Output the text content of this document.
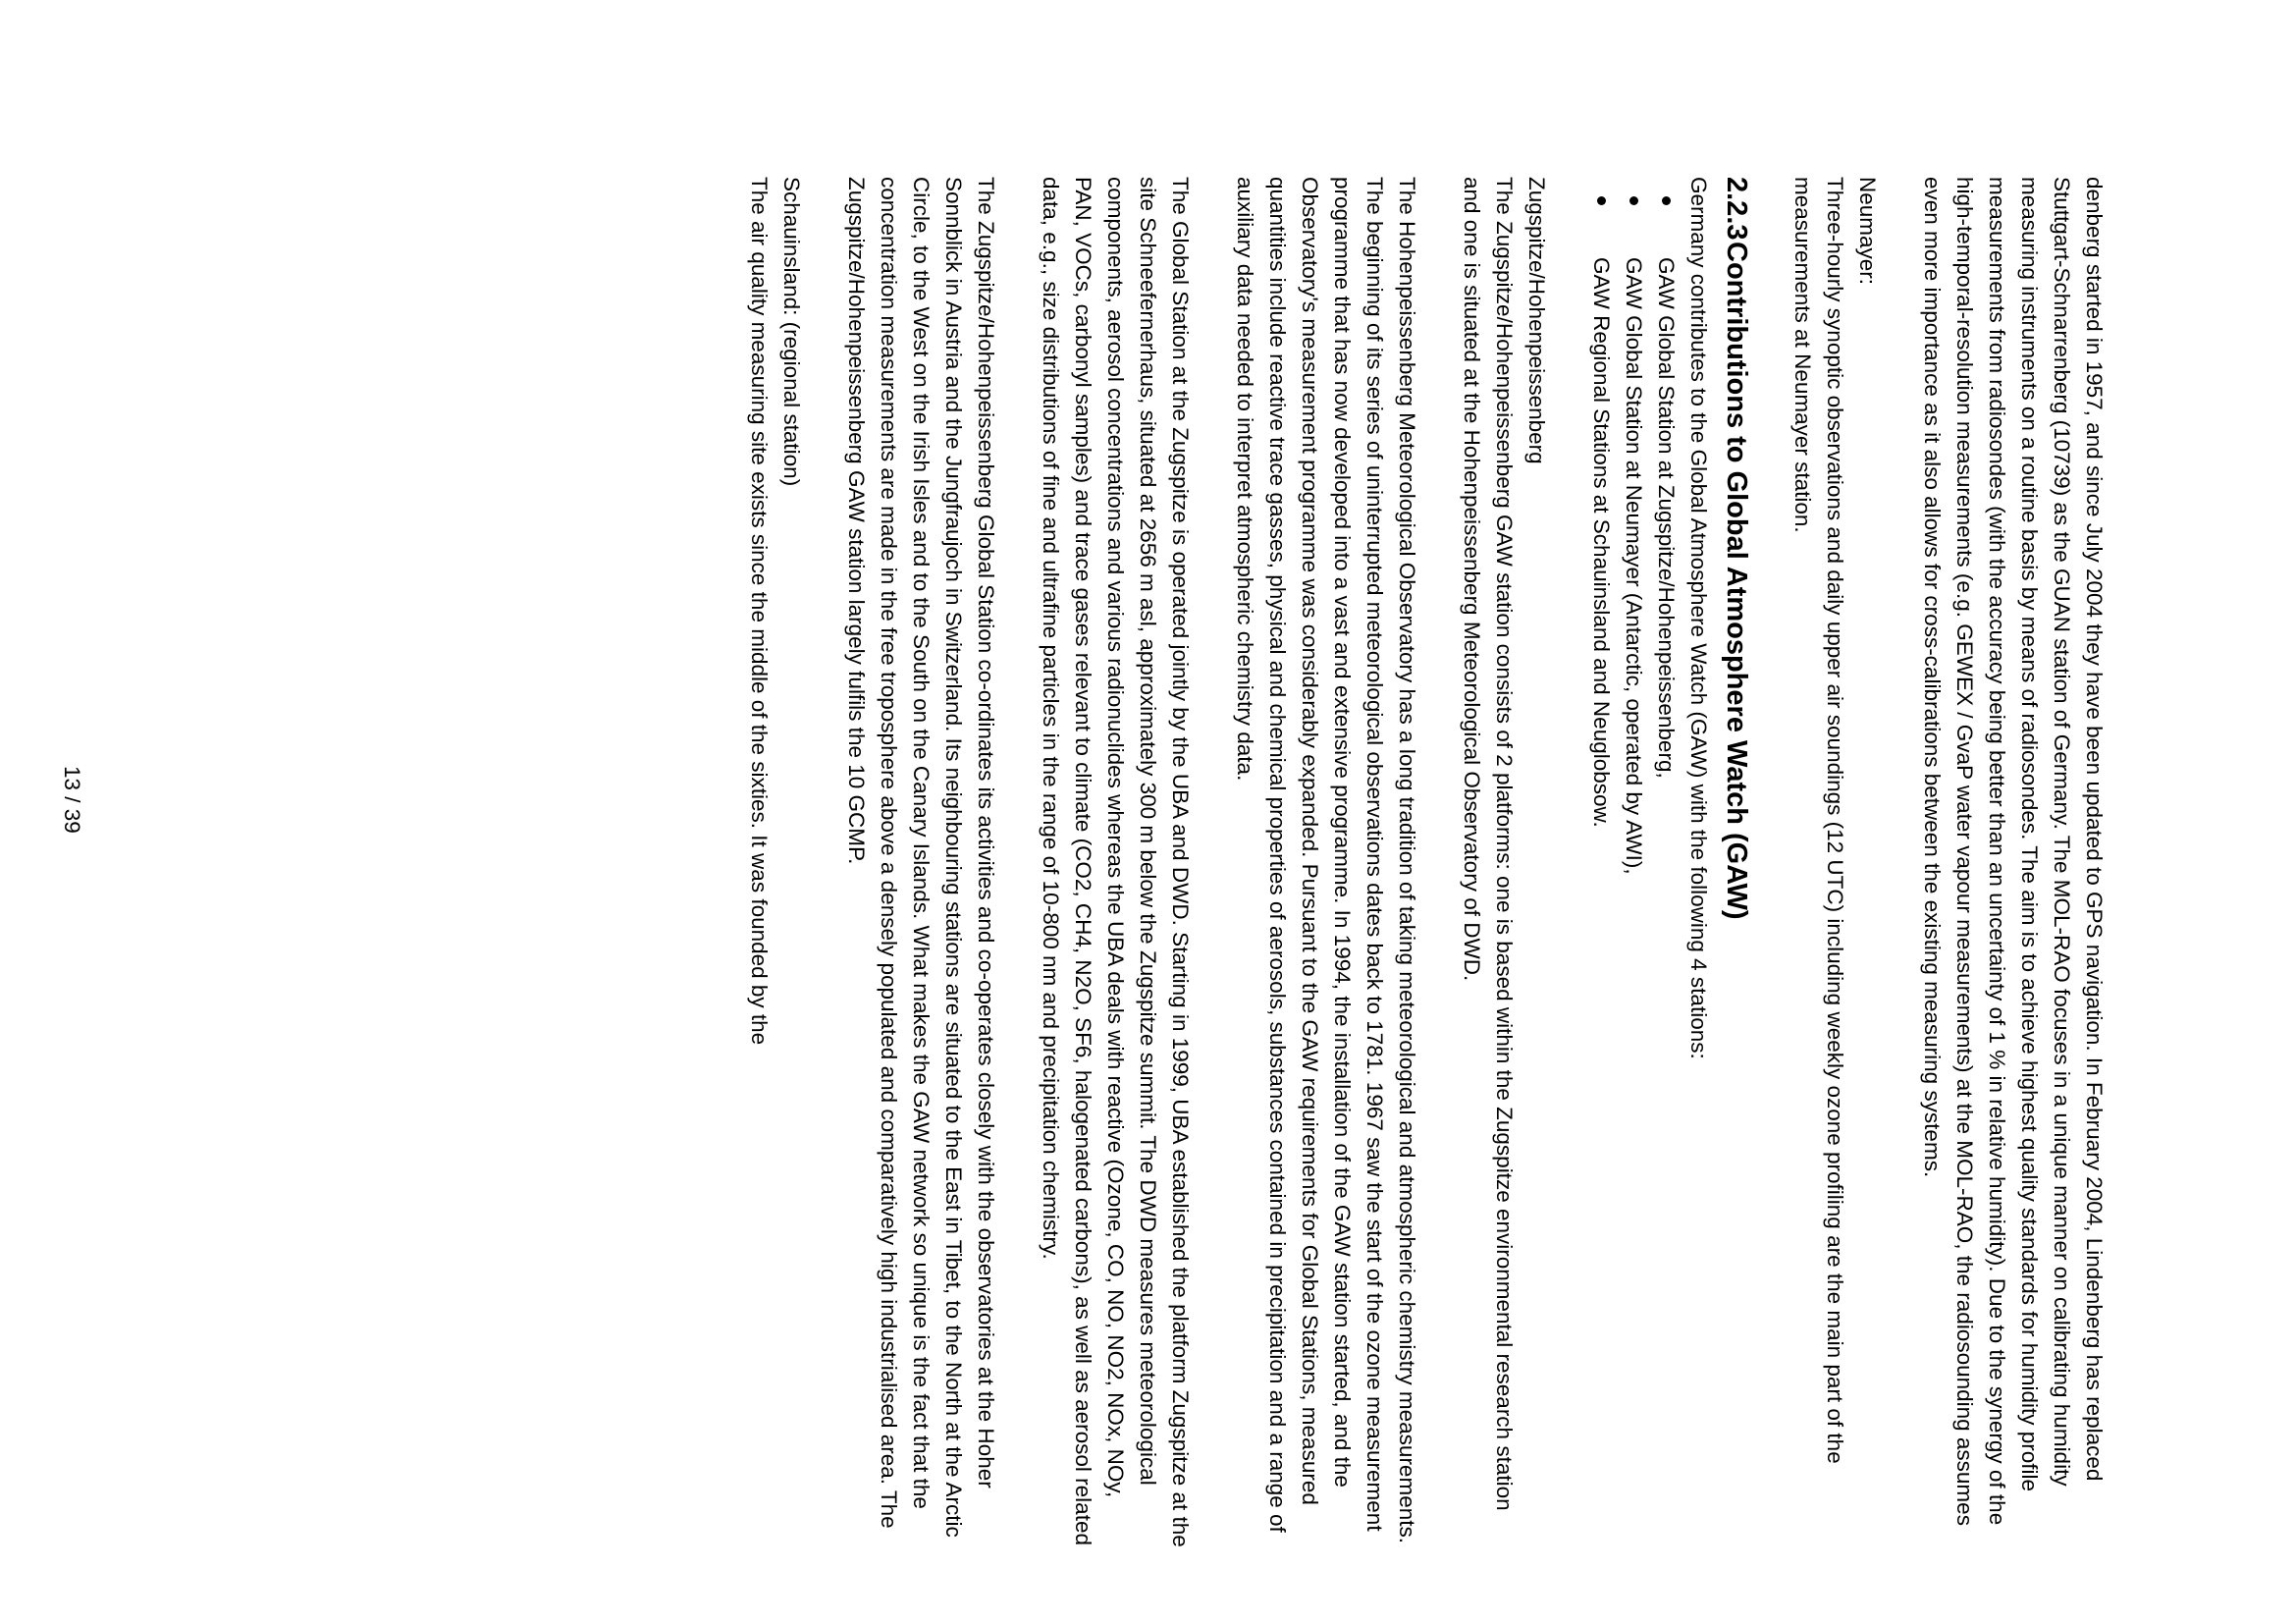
denberg started in 1957, and since July 2004 they have been updated to GPS navigation. In February 2004, Lindenberg has replaced Stuttgart-Schnarrenberg (10739) as the GUAN station of Germany. The MOL-RAO focuses in a unique manner on calibrating humidity measuring instruments on a routine basis by means of radiosondes. The aim is to achieve highest quality standards for humidity profile measurements from radiosondes (with the accuracy being better than an uncertainty of 1 % in relative humidity). Due to the synergy of the high-temporal-resolution measurements (e.g. GEWEX / GvaP water vapour measurements) at the MOL-RAO, the radiosounding assumes even more importance as it also allows for cross-calibrations between the existing measuring systems.

Neumayer:
Three-hourly synoptic observations and daily upper air soundings (12 UTC) including weekly ozone profiling are the main part of the measurements at Neumayer station.
2.2.3Contributions to Global Atmosphere Watch (GAW)
Germany contributes to the Global Atmosphere Watch (GAW) with the following 4 stations:
GAW Global Station at Zugspitze/Hohenpeissenberg,
GAW Global Station at Neumayer (Antarctic, operated by AWI),
GAW Regional Stations at Schauinsland and Neuglobsow.
Zugspitze/Hohenpeissenberg
The Zugspitze/Hohenpeissenberg GAW station consists of 2 platforms: one is based within the Zugspitze environmental research station and one is situated at the Hohenpeissenberg Meteorological Observatory of DWD.

The Hohenpeissenberg Meteorological Observatory has a long tradition of taking meteorological and atmospheric chemistry measurements. The beginning of its series of uninterrupted meteorological observations dates back to 1781. 1967 saw the start of the ozone measurement programme that has now developed into a vast and extensive programme. In 1994, the installation of the GAW station started, and the Observatory's measurement programme was considerably expanded. Pursuant to the GAW requirements for Global Stations, measured quantities include reactive trace gasses, physical and chemical properties of aerosols, substances contained in precipitation and a range of auxiliary data needed to interpret atmospheric chemistry data.

The Global Station at the Zugspitze is operated jointly by the UBA and DWD. Starting in 1999, UBA established the platform Zugspitze at the site Schneefernerhaus, situated at 2656 m asl, approximately 300 m below the Zugspitze summit. The DWD measures meteorological components, aerosol concentrations and various radionuclides whereas the UBA deals with reactive (Ozone, CO, NO, NO2, NOx, NOy, PAN, VOCs, carbonyl samples) and trace gases relevant to climate (CO2, CH4, N2O, SF6, halogenated carbons), as well as aerosol related data, e.g., size distributions of fine and ultrafine particles in the range of 10-800 nm and precipitation chemistry.

The Zugspitze/Hohenpeissenberg Global Station co-ordinates its activities and co-operates closely with the observatories at the Hoher Sonnblick in Austria and the Jungfraujoch in Switzerland. Its neighbouring stations are situated to the East in Tibet, to the North at the Arctic Circle, to the West on the Irish Isles and to the South on the Canary Islands. What makes the GAW network so unique is the fact that the concentration measurements are made in the free troposphere above a densely populated and comparatively high industrialised area. The Zugspitze/Hohenpeissenberg GAW station largely fulfils the 10 GCMP.

Schauinsland: (regional station)
The air quality measuring site exists since the middle of the sixties. It was founded by the
13 / 39
